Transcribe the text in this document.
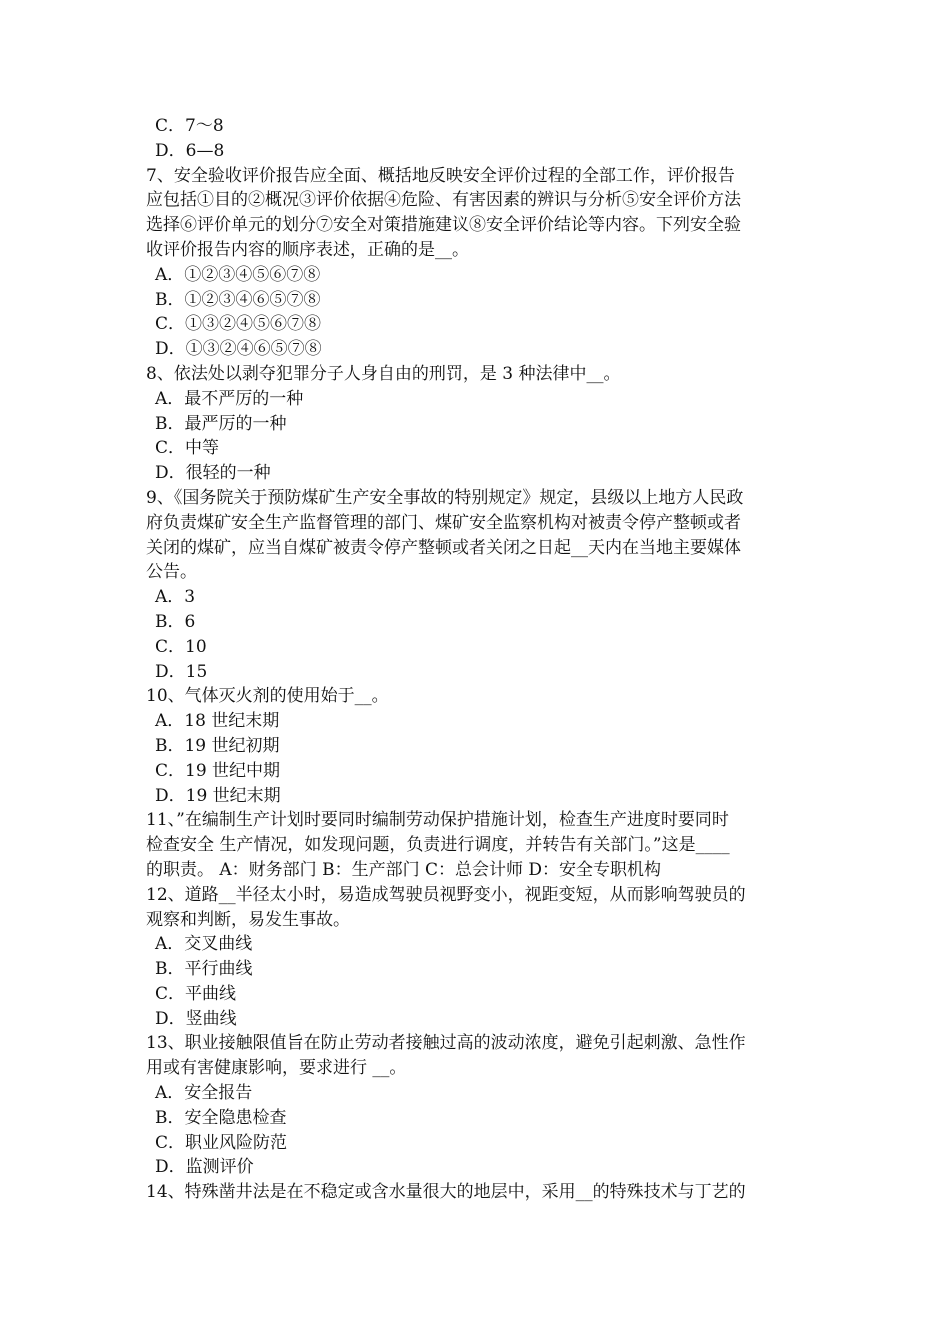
C．7～8
D．6—8
7、安全验收评价报告应全面、概括地反映安全评价过程的全部工作，评价报告
应包括①目的②概况③评价依据④危险、有害因素的辨识与分析⑤安全评价方法
选择⑥评价单元的划分⑦安全对策措施建议⑧安全评价结论等内容。下列安全验
收评价报告内容的顺序表述，正确的是__。
A．①②③④⑤⑥⑦⑧
B．①②③④⑥⑤⑦⑧
C．①③②④⑤⑥⑦⑧
D．①③②④⑥⑤⑦⑧
8、依法处以剥夺犯罪分子人身自由的刑罚，是 3 种法律中__。
A．最不严厉的一种
B．最严厉的一种
C．中等
D．很轻的一种
9、《国务院关于预防煤矿生产安全事故的特别规定》规定，县级以上地方人民政
府负责煤矿安全生产监督管理的部门、煤矿安全监察机构对被责令停产整顿或者
关闭的煤矿，应当自煤矿被责令停产整顿或者关闭之日起__天内在当地主要媒体
公告。
A．3
B．6
C．10
D．15
10、气体灭火剂的使用始于__。
A．18 世纪末期
B．19 世纪初期
C．19 世纪中期
D．19 世纪末期
11、”在编制生产计划时要同时编制劳动保护措施计划，检查生产进度时要同时
检查安全 生产情况，如发现问题，负责进行调度，并转告有关部门。”这是____
的职责。 A：财务部门 B：生产部门 C：总会计师 D：安全专职机构
12、道路__半径太小时，易造成驾驶员视野变小，视距变短，从而影响驾驶员的
观察和判断，易发生事故。
A．交叉曲线
B．平行曲线
C．平曲线
D．竖曲线
13、职业接触限值旨在防止劳动者接触过高的波动浓度，避免引起刺激、急性作
用或有害健康影响，要求进行 __。
A．安全报告
B．安全隐患检查
C．职业风险防范
D．监测评价
14、特殊凿井法是在不稳定或含水量很大的地层中，采用__的特殊技术与丁艺的
